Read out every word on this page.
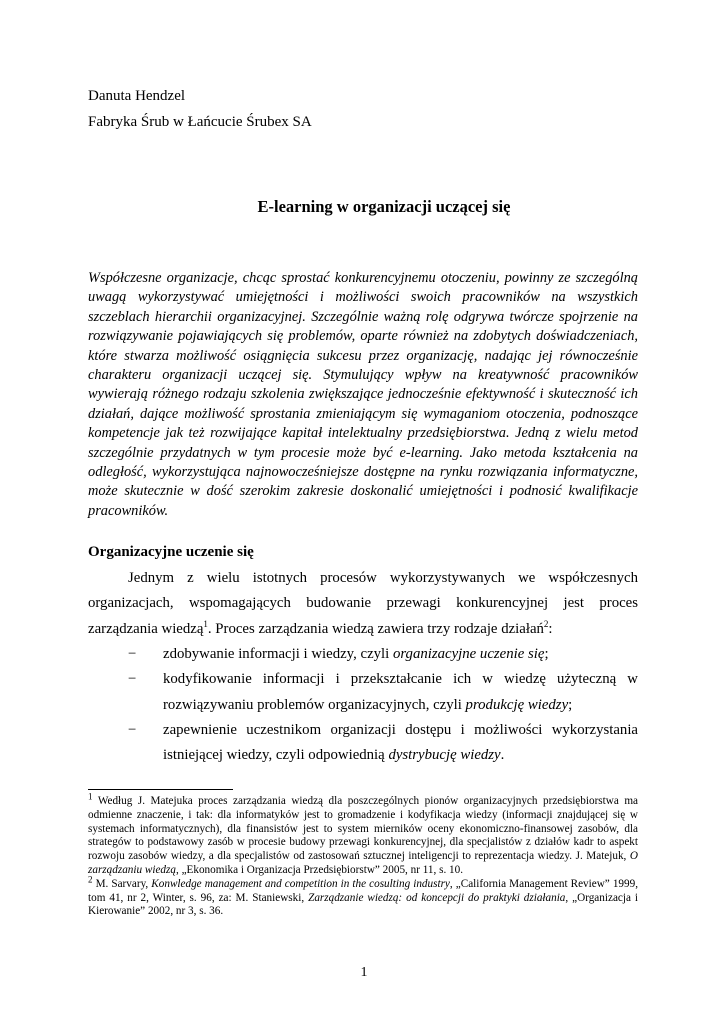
Danuta Hendzel
Fabryka Śrub w Łańcucie Śrubex SA
E-learning w organizacji uczącej się

Współczesne organizacje, chcąc sprostać konkurencyjnemu otoczeniu, powinny ze szczególną uwagą wykorzystywać umiejętności i możliwości swoich pracowników na wszystkich szczeblach hierarchii organizacyjnej. Szczególnie ważną rolę odgrywa twórcze spojrzenie na rozwiązywanie pojawiających się problemów, oparte również na zdobytych doświadczeniach, które stwarza możliwość osiągnięcia sukcesu przez organizację, nadając jej równocześnie charakteru organizacji uczącej się. Stymulujący wpływ na kreatywność pracowników wywierają różnego rodzaju szkolenia zwiększające jednocześnie efektywność i skuteczność ich działań, dające możliwość sprostania zmieniającym się wymaganiom otoczenia, podnoszące kompetencje jak też rozwijające kapitał intelektualny przedsiębiorstwa. Jedną z wielu metod szczególnie przydatnych w tym procesie może być e-learning. Jako metoda kształcenia na odległość, wykorzystująca najnowocześniejsze dostępne na rynku rozwiązania informatyczne, może skutecznie w dość szerokim zakresie doskonalić umiejętności i podnosić kwalifikacje pracowników.

Organizacyjne uczenie się

Jednym z wielu istotnych procesów wykorzystywanych we współczesnych organizacjach, wspomagających budowanie przewagi konkurencyjnej jest proces zarządzania wiedzą$^1$. Proces zarządzania wiedzą zawiera trzy rodzaje działań$^2$:

− zdobywanie informacji i wiedzy, czyli organizacyjne uczenie się;
− kodyfikowanie informacji i przekształcanie ich w wiedzę użyteczną w rozwiązywaniu problemów organizacyjnych, czyli produkcję wiedzy;
− zapewnienie uczestnikom organizacji dostępu i możliwości wykorzystania istniejącej wiedzy, czyli odpowiednią dystrybucję wiedzy.

$^1$ Według J. Matejuka proces zarządzania wiedzą dla poszczególnych pionów organizacyjnych przedsiębiorstwa ma odmienne znaczenie, i tak: dla informatyków jest to gromadzenie i kodyfikacja wiedzy (informacji znajdującej się w systemach informatycznych), dla finansistów jest to system mierników oceny ekonomiczno-finansowej zasobów, dla strategów to podstawowy zasób w procesie budowy przewagi konkurencyjnej, dla specjalistów z działów kadr to aspekt rozwoju zasobów wiedzy, a dla specjalistów od zastosowań sztucznej inteligencji to reprezentacja wiedzy. J. Matejuk, O zarządzaniu wiedzą, „Ekonomika i Organizacja Przedsiębiorstw” 2005, nr 11, s. 10.

$^2$ M. Sarvary, Konwledge management and competition in the cosulting industry, „California Management Review” 1999, tom 41, nr 2, Winter, s. 96, za: M. Staniewski, Zarządzanie wiedzą: od koncepcji do praktyki działania, „Organizacja i Kierowanie” 2002, nr 3, s. 36.

1
